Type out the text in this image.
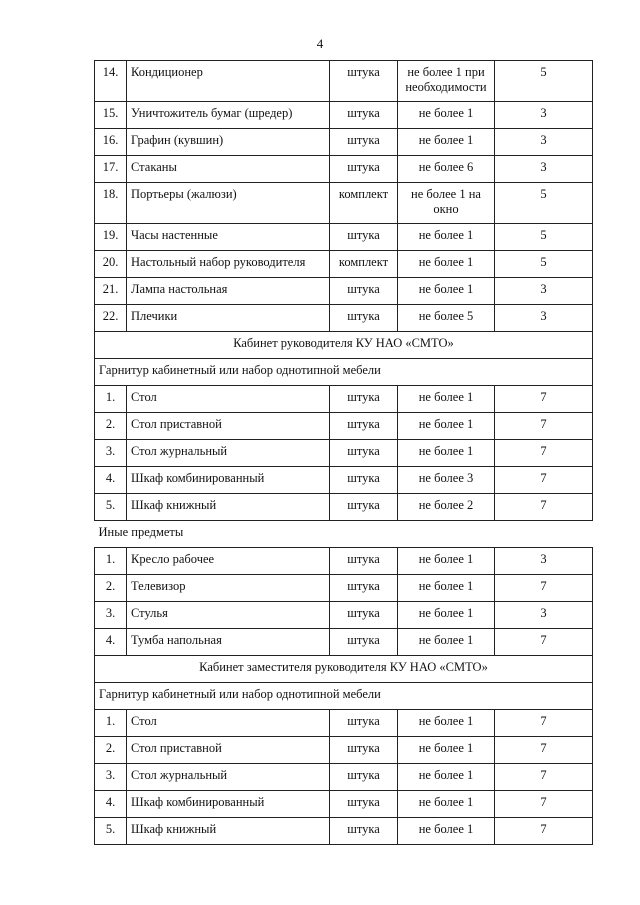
4
14.	Кондиционер	штука	не более 1 при необходимости	5
15.	Уничтожитель бумаг (шредер)	штука	не более 1	3
16.	Графин (кувшин)	штука	не более 1	3
17.	Стаканы	штука	не более 6	3
18.	Портьеры (жалюзи)	комплект	не более 1 на окно	5
19.	Часы настенные	штука	не более 1	5
20.	Настольный набор руководителя	комплект	не более 1	5
21.	Лампа настольная	штука	не более 1	3
22.	Плечики	штука	не более 5	3
Кабинет руководителя КУ НАО «СМТО»				
Гарнитур кабинетный или набор однотипной мебели				
1.	Стол	штука	не более 1	7
2.	Стол приставной	штука	не более 1	7
3.	Стол журнальный	штука	не более 1	7
4.	Шкаф комбинированный	штука	не более 3	7
5.	Шкаф книжный	штука	не более 2	7
Иные предметы				
1.	Кресло рабочее	штука	не более 1	3
2.	Телевизор	штука	не более 1	7
3.	Стулья	штука	не более 1	3
4.	Тумба напольная	штука	не более 1	7
Кабинет заместителя руководителя КУ НАО «СМТО»				
Гарнитур кабинетный или набор однотипной мебели				
1.	Стол	штука	не более 1	7
2.	Стол приставной	штука	не более 1	7
3.	Стол журнальный	штука	не более 1	7
4.	Шкаф комбинированный	штука	не более 1	7
5.	Шкаф книжный	штука	не более 1	7
